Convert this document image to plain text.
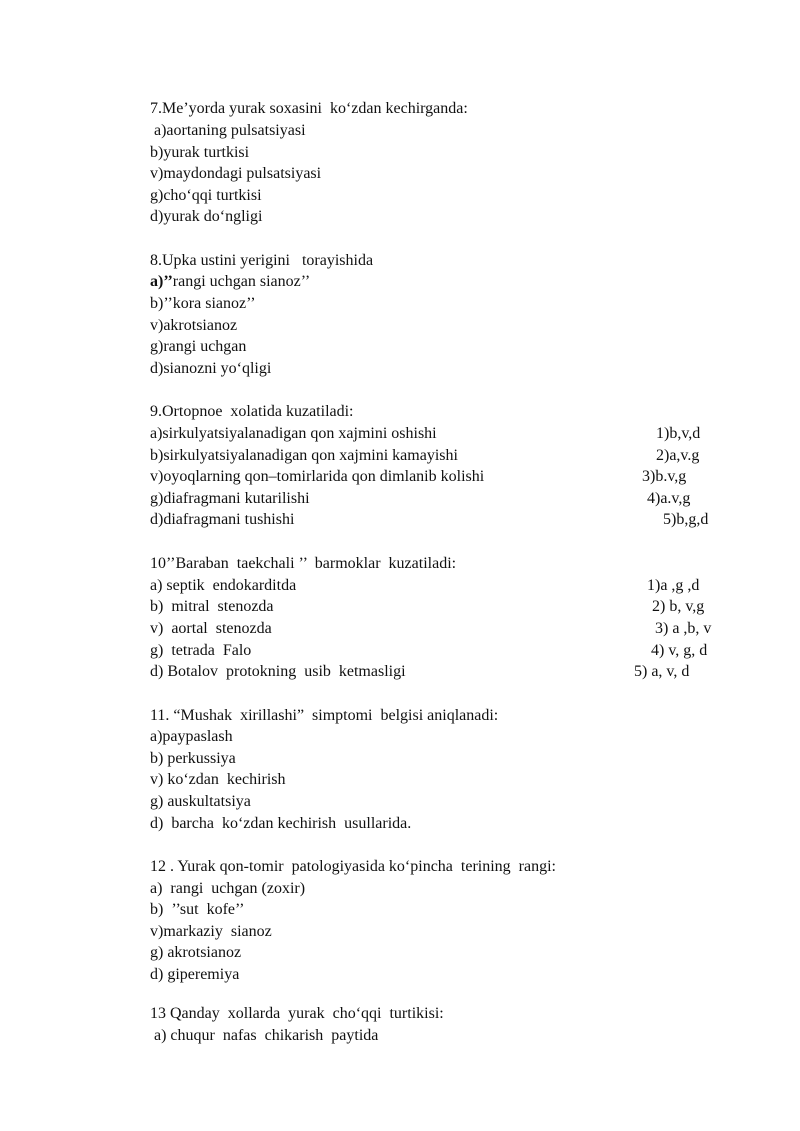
7.Me’yorda yurak soxasini  ko‘zdan kechirganda:
a)aortaning pulsatsiyasi
b)yurak turtkisi
v)maydondagi pulsatsiyasi
g)cho‘qqi turtkisi
d)yurak do‘ngligi
8.Upka ustini yerigini   torayishida
a)’’rangi uchgan sianoz’’
b)’’kora sianoz’’
v)akrotsianoz
g)rangi uchgan
d)sianozni yo‘qligi
9.Ortopnoe  xolatida kuzatiladi:
a)sirkulyatsiyalanadigan qon xajmini oshishi
b)sirkulyatsiyalanadigan qon xajmini kamayishi
v)oyoqlarning qon–tomirlarida qon dimlanib kolishi
g)diafragmani kutarilishi
d)diafragmani tushishi
1)b,v,d
2)a,v.g
3)b.v,g
4)a.v,g
5)b,g,d
10’’Baraban  taekchali ’’  barmoklar  kuzatiladi:
a) septik  endokarditda
b)  mitral  stenozda
v)  aortal  stenozda
g)  tetrada  Falo
d) Botalov  protokning  usib  ketmasligi
1)a ,g ,d
2) b, v,g
3) a ,b, v
4) v, g, d
5) a, v, d
11. “Mushak  xirillashi”  simptomi  belgisi aniqlanadi:
a)paypaslash
b) perkussiya
v) ko‘zdan  kechirish
g) auskultatsiya
d)  barcha  ko‘zdan kechirish  usullarida.
12 . Yurak qon-tomir  patologiyasida ko‘pincha  terining  rangi:
a)  rangi  uchgan (zoxir)
b)  ’’sut  kofe’’
v)markaziy  sianoz
g) akrotsianoz
d) giperemiya
13 Qanday  xollarda  yurak  cho‘qqi  turtikisi:
a) chuqur  nafas  chikarish  paytida
